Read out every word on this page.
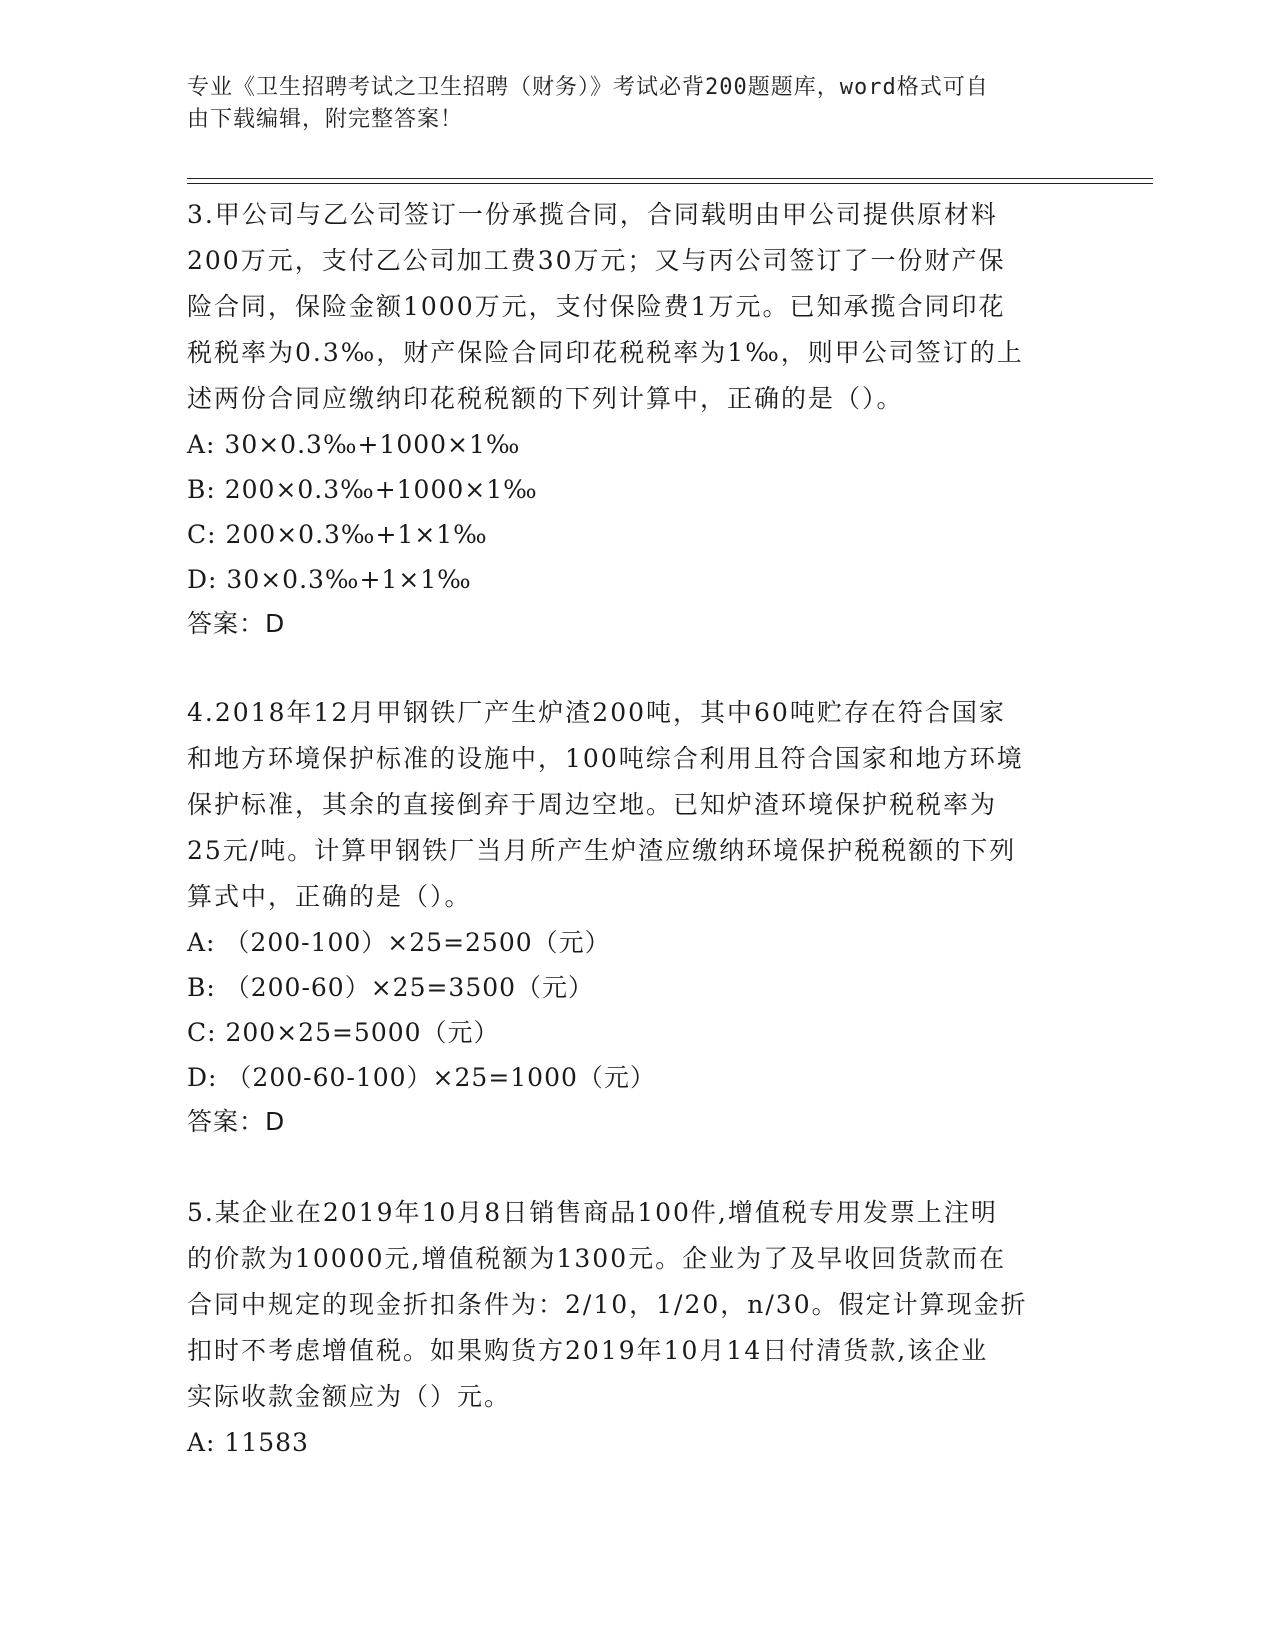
专业《卫生招聘考试之卫生招聘（财务）》考试必背200题题库，word格式可自
由下载编辑，附完整答案！

3.甲公司与乙公司签订一份承揽合同，合同载明由甲公司提供原材料

200万元，支付乙公司加工费30万元；又与丙公司签订了一份财产保

险合同，保险金额1000万元，支付保险费1万元。已知承揽合同印花

税税率为0.3‰，财产保险合同印花税税率为1‰，则甲公司签订的上

述两份合同应缴纳印花税税额的下列计算中，正确的是（）。

A: 30×0.3‰+1000×1‰

B: 200×0.3‰+1000×1‰

C: 200×0.3‰+1×1‰

D: 30×0.3‰+1×1‰

答案：D

4.2018年12月甲钢铁厂产生炉渣200吨，其中60吨贮存在符合国家

和地方环境保护标准的设施中，100吨综合利用且符合国家和地方环境

保护标准，其余的直接倒弃于周边空地。已知炉渣环境保护税税率为

25元/吨。计算甲钢铁厂当月所产生炉渣应缴纳环境保护税税额的下列

算式中，正确的是（）。

A: （200-100）×25=2500（元）

B: （200-60）×25=3500（元）

C: 200×25=5000（元）

D: （200-60-100）×25=1000（元）

答案：D

5.某企业在2019年10月8日销售商品100件,增值税专用发票上注明

的价款为10000元,增值税额为1300元。企业为了及早收回货款而在

合同中规定的现金折扣条件为：2/10，1/20，n/30。假定计算现金折

扣时不考虑增值税。如果购货方2019年10月14日付清货款,该企业

实际收款金额应为（）元。

A: 11583
